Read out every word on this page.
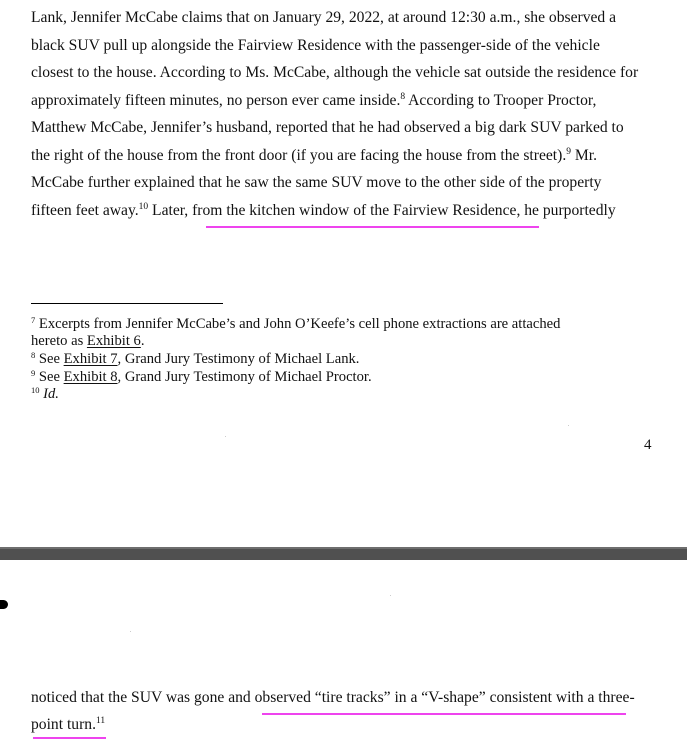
Lank, Jennifer McCabe claims that on January 29, 2022, at around 12:30 a.m., she observed a
black SUV pull up alongside the Fairview Residence with the passenger-side of the vehicle
closest to the house. According to Ms. McCabe, although the vehicle sat outside the residence for
approximately fifteen minutes, no person ever came inside.$^8$ According to Trooper Proctor,
Matthew McCabe, Jennifer’s husband, reported that he had observed a big dark SUV parked to
the right of the house from the front door (if you are facing the house from the street).$^9$ Mr.
McCabe further explained that he saw the same SUV move to the other side of the property
fifteen feet away.$^{10}$ Later, from the kitchen window of the Fairview Residence, he purportedly
$^7$ Excerpts from Jennifer McCabe’s and John O’Keefe’s cell phone extractions are attached
hereto as Exhibit 6.
$^8$ See Exhibit 7, Grand Jury Testimony of Michael Lank.
$^9$ See Exhibit 8, Grand Jury Testimony of Michael Proctor.
$^{10}$ Id.
4
noticed that the SUV was gone and observed “tire tracks” in a “V-shape” consistent with a three-
point turn.$^{11}$
